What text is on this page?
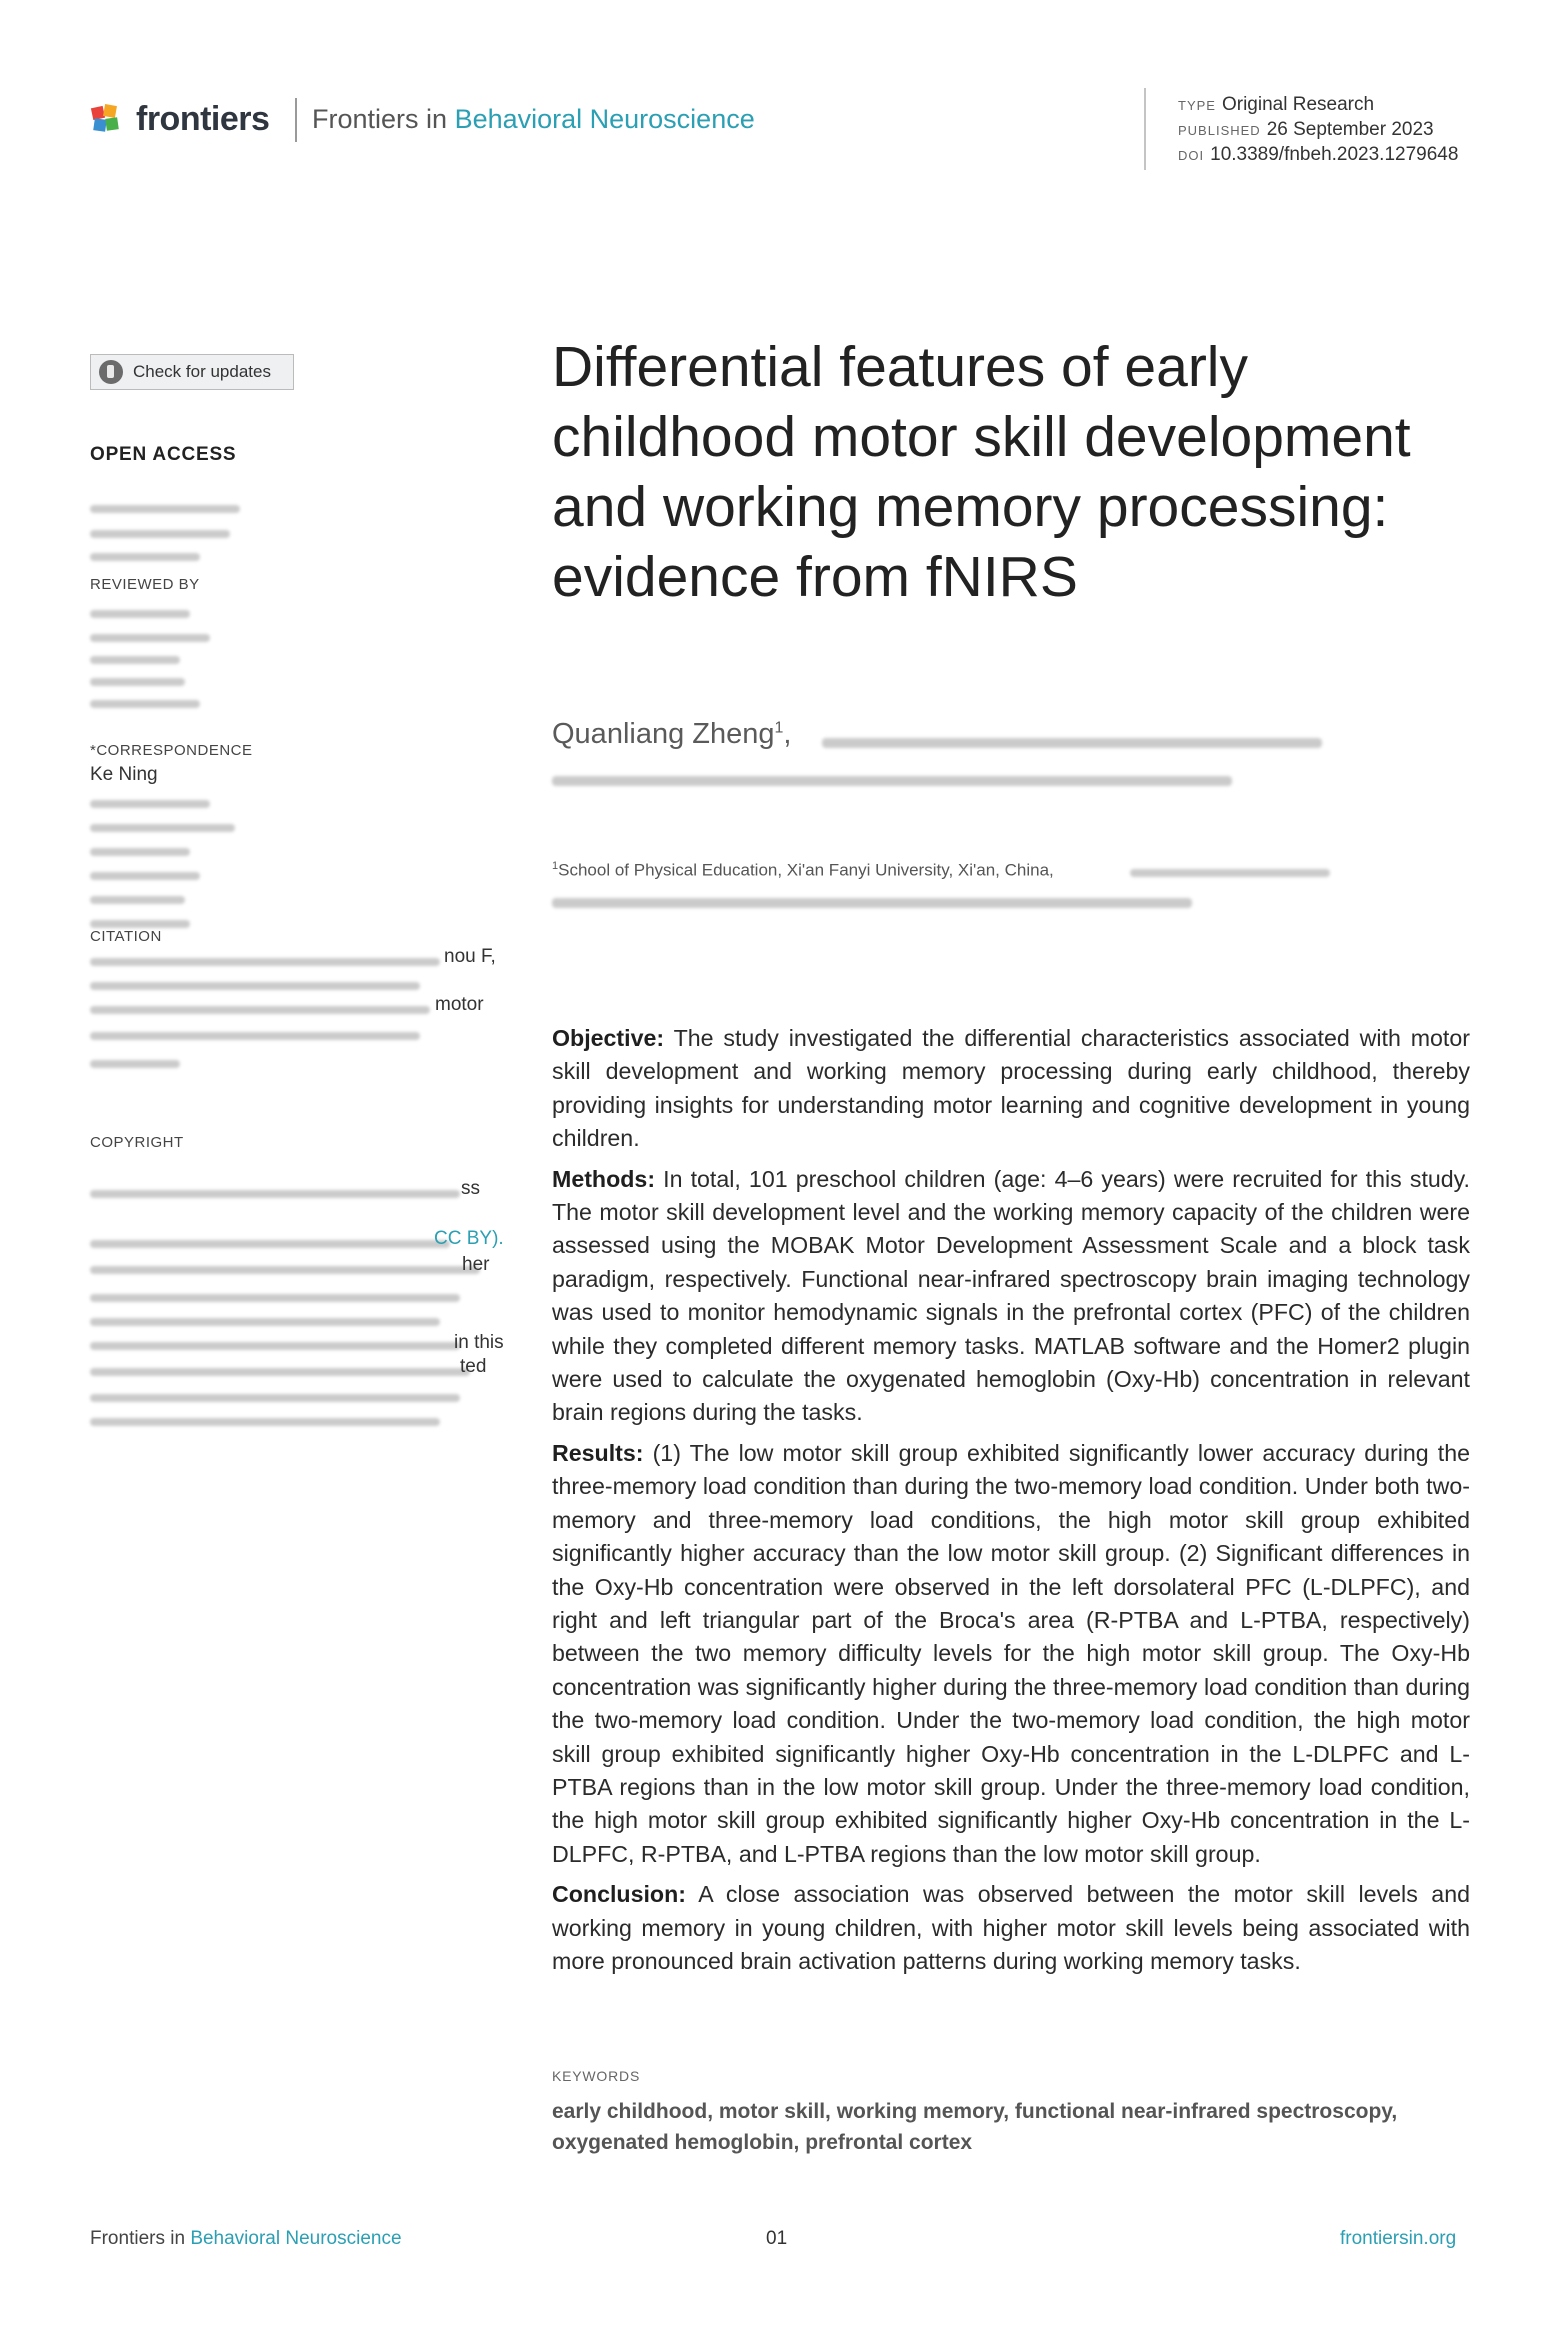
frontiers Frontiers in Behavioral Neuroscience	TYPE Original Research
PUBLISHED 26 September 2023
DOI 10.3389/fnbeh.2023.1279648
Check for updates
OPEN ACCESS
REVIEWED BY
*CORRESPONDENCE
Ke Ning
CITATION
nou F,
motor
COPYRIGHT
ss
CC BY).
her
in this
ted
Differential features of early childhood motor skill development and working memory processing: evidence from fNIRS
Quanliang Zheng$^1$,
$^1$School of Physical Education, Xi'an Fanyi University, Xi'an, China,

Objective: The study investigated the differential characteristics associated with motor skill development and working memory processing during early childhood, thereby providing insights for understanding motor learning and cognitive development in young children.

Methods: In total, 101 preschool children (age: 4–6 years) were recruited for this study. The motor skill development level and the working memory capacity of the children were assessed using the MOBAK Motor Development Assessment Scale and a block task paradigm, respectively. Functional near-infrared spectroscopy brain imaging technology was used to monitor hemodynamic signals in the prefrontal cortex (PFC) of the children while they completed different memory tasks. MATLAB software and the Homer2 plugin were used to calculate the oxygenated hemoglobin (Oxy-Hb) concentration in relevant brain regions during the tasks.

Results: (1) The low motor skill group exhibited significantly lower accuracy during the three-memory load condition than during the two-memory load condition. Under both two-memory and three-memory load conditions, the high motor skill group exhibited significantly higher accuracy than the low motor skill group. (2) Significant differences in the Oxy-Hb concentration were observed in the left dorsolateral PFC (L-DLPFC), and right and left triangular part of the Broca's area (R-PTBA and L-PTBA, respectively) between the two memory difficulty levels for the high motor skill group. The Oxy-Hb concentration was significantly higher during the three-memory load condition than during the two-memory load condition. Under the two-memory load condition, the high motor skill group exhibited significantly higher Oxy-Hb concentration in the L-DLPFC and L-PTBA regions than in the low motor skill group. Under the three-memory load condition, the high motor skill group exhibited significantly higher Oxy-Hb concentration in the L-DLPFC, R-PTBA, and L-PTBA regions than the low motor skill group.

Conclusion: A close association was observed between the motor skill levels and working memory in young children, with higher motor skill levels being associated with more pronounced brain activation patterns during working memory tasks.

KEYWORDS
early childhood, motor skill, working memory, functional near-infrared spectroscopy, oxygenated hemoglobin, prefrontal cortex
Frontiers in Behavioral Neuroscience	01	frontiersin.org
